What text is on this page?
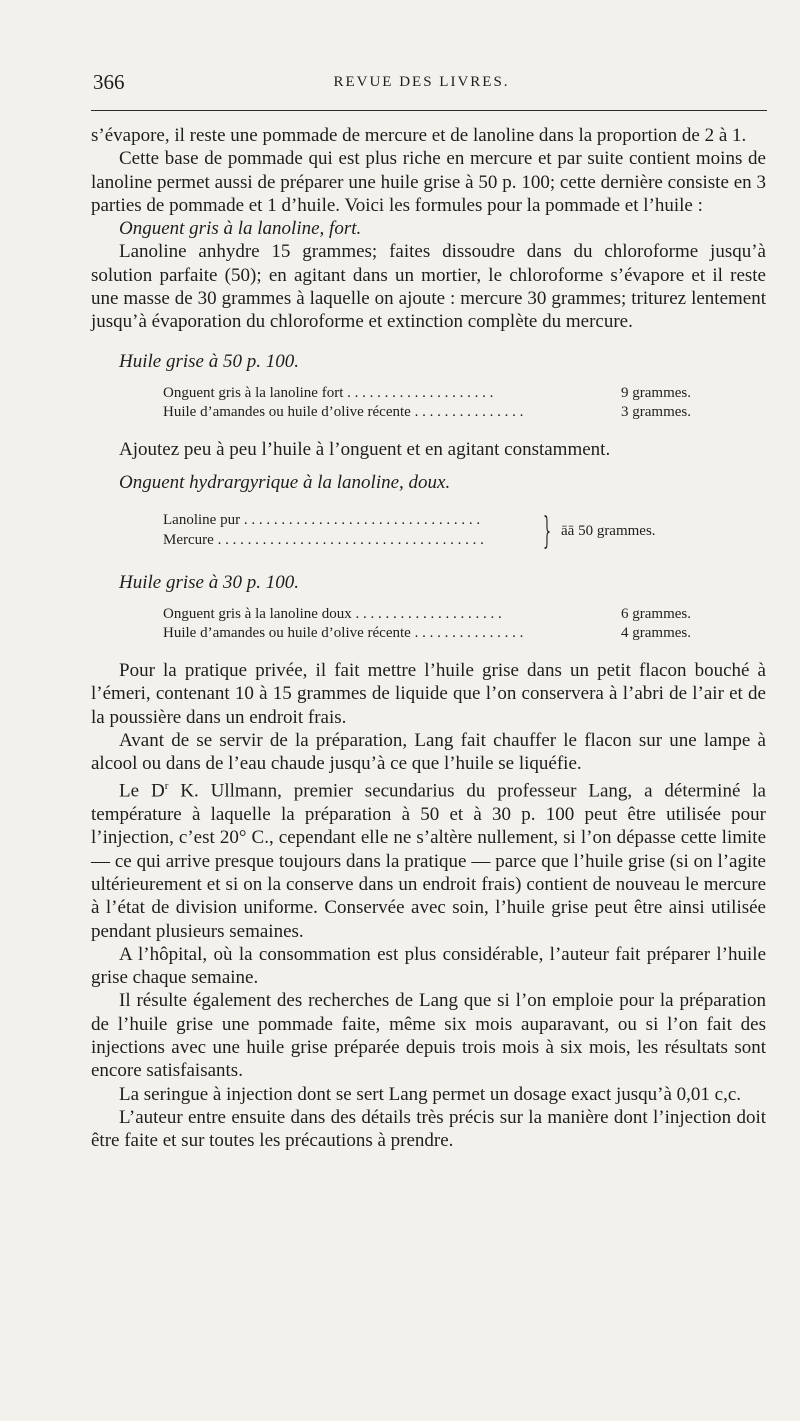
366	REVUE DES LIVRES.

s’évapore, il reste une pommade de mercure et de lanoline dans la proportion de 2 à 1.

Cette base de pommade qui est plus riche en mercure et par suite contient moins de lanoline permet aussi de préparer une huile grise à 50 p. 100; cette dernière consiste en 3 parties de pommade et 1 d’huile. Voici les formules pour la pommade et l’huile :

Onguent gris à la lanoline, fort.

Lanoline anhydre 15 grammes; faites dissoudre dans du chloroforme jusqu’à solution parfaite (50); en agitant dans un mortier, le chloroforme s’évapore et il reste une masse de 30 grammes à laquelle on ajoute : mercure 30 grammes; triturez lentement jusqu’à évaporation du chloroforme et extinction complète du mercure.

Huile grise à 50 p. 100.

Onguent gris à la lanoline fort . . . . . . . . . . . . . . . . . . . .	9 grammes.
Huile d’amandes ou huile d’olive récente . . . . . . . . . . . . . . .	3 grammes.

Ajoutez peu à peu l’huile à l’onguent et en agitant constamment.

Onguent hydrargyrique à la lanoline, doux.

Lanoline pur . . . . . . . . . . . . . . . . . . . . . . . . . . . . . . . .
Mercure . . . . . . . . . . . . . . . . . . . . . . . . . . . . . . . . . . . .	} āā 50 grammes.

Huile grise à 30 p. 100.

Onguent gris à la lanoline doux . . . . . . . . . . . . . . . . . . . .	6 grammes.
Huile d’amandes ou huile d’olive récente . . . . . . . . . . . . . . .	4 grammes.

Pour la pratique privée, il fait mettre l’huile grise dans un petit flacon bouché à l’émeri, contenant 10 à 15 grammes de liquide que l’on conservera à l’abri de l’air et de la poussière dans un endroit frais.

Avant de se servir de la préparation, Lang fait chauffer le flacon sur une lampe à alcool ou dans de l’eau chaude jusqu’à ce que l’huile se liquéfie.

Le $D^r$ K. Ullmann, premier secundarius du professeur Lang, a déterminé la température à laquelle la préparation à 50 et à 30 p. 100 peut être utilisée pour l’injection, c’est 20° C., cependant elle ne s’altère nullement, si l’on dépasse cette limite — ce qui arrive presque toujours dans la pratique — parce que l’huile grise (si on l’agite ultérieurement et si on la conserve dans un endroit frais) contient de nouveau le mercure à l’état de division uniforme. Conservée avec soin, l’huile grise peut être ainsi utilisée pendant plusieurs semaines.

A l’hôpital, où la consommation est plus considérable, l’auteur fait préparer l’huile grise chaque semaine.

Il résulte également des recherches de Lang que si l’on emploie pour la préparation de l’huile grise une pommade faite, même six mois auparavant, ou si l’on fait des injections avec une huile grise préparée depuis trois mois à six mois, les résultats sont encore satisfaisants.

La seringue à injection dont se sert Lang permet un dosage exact jusqu’à 0,01 c,c.

L’auteur entre ensuite dans des détails très précis sur la manière dont l’injection doit être faite et sur toutes les précautions à prendre.
